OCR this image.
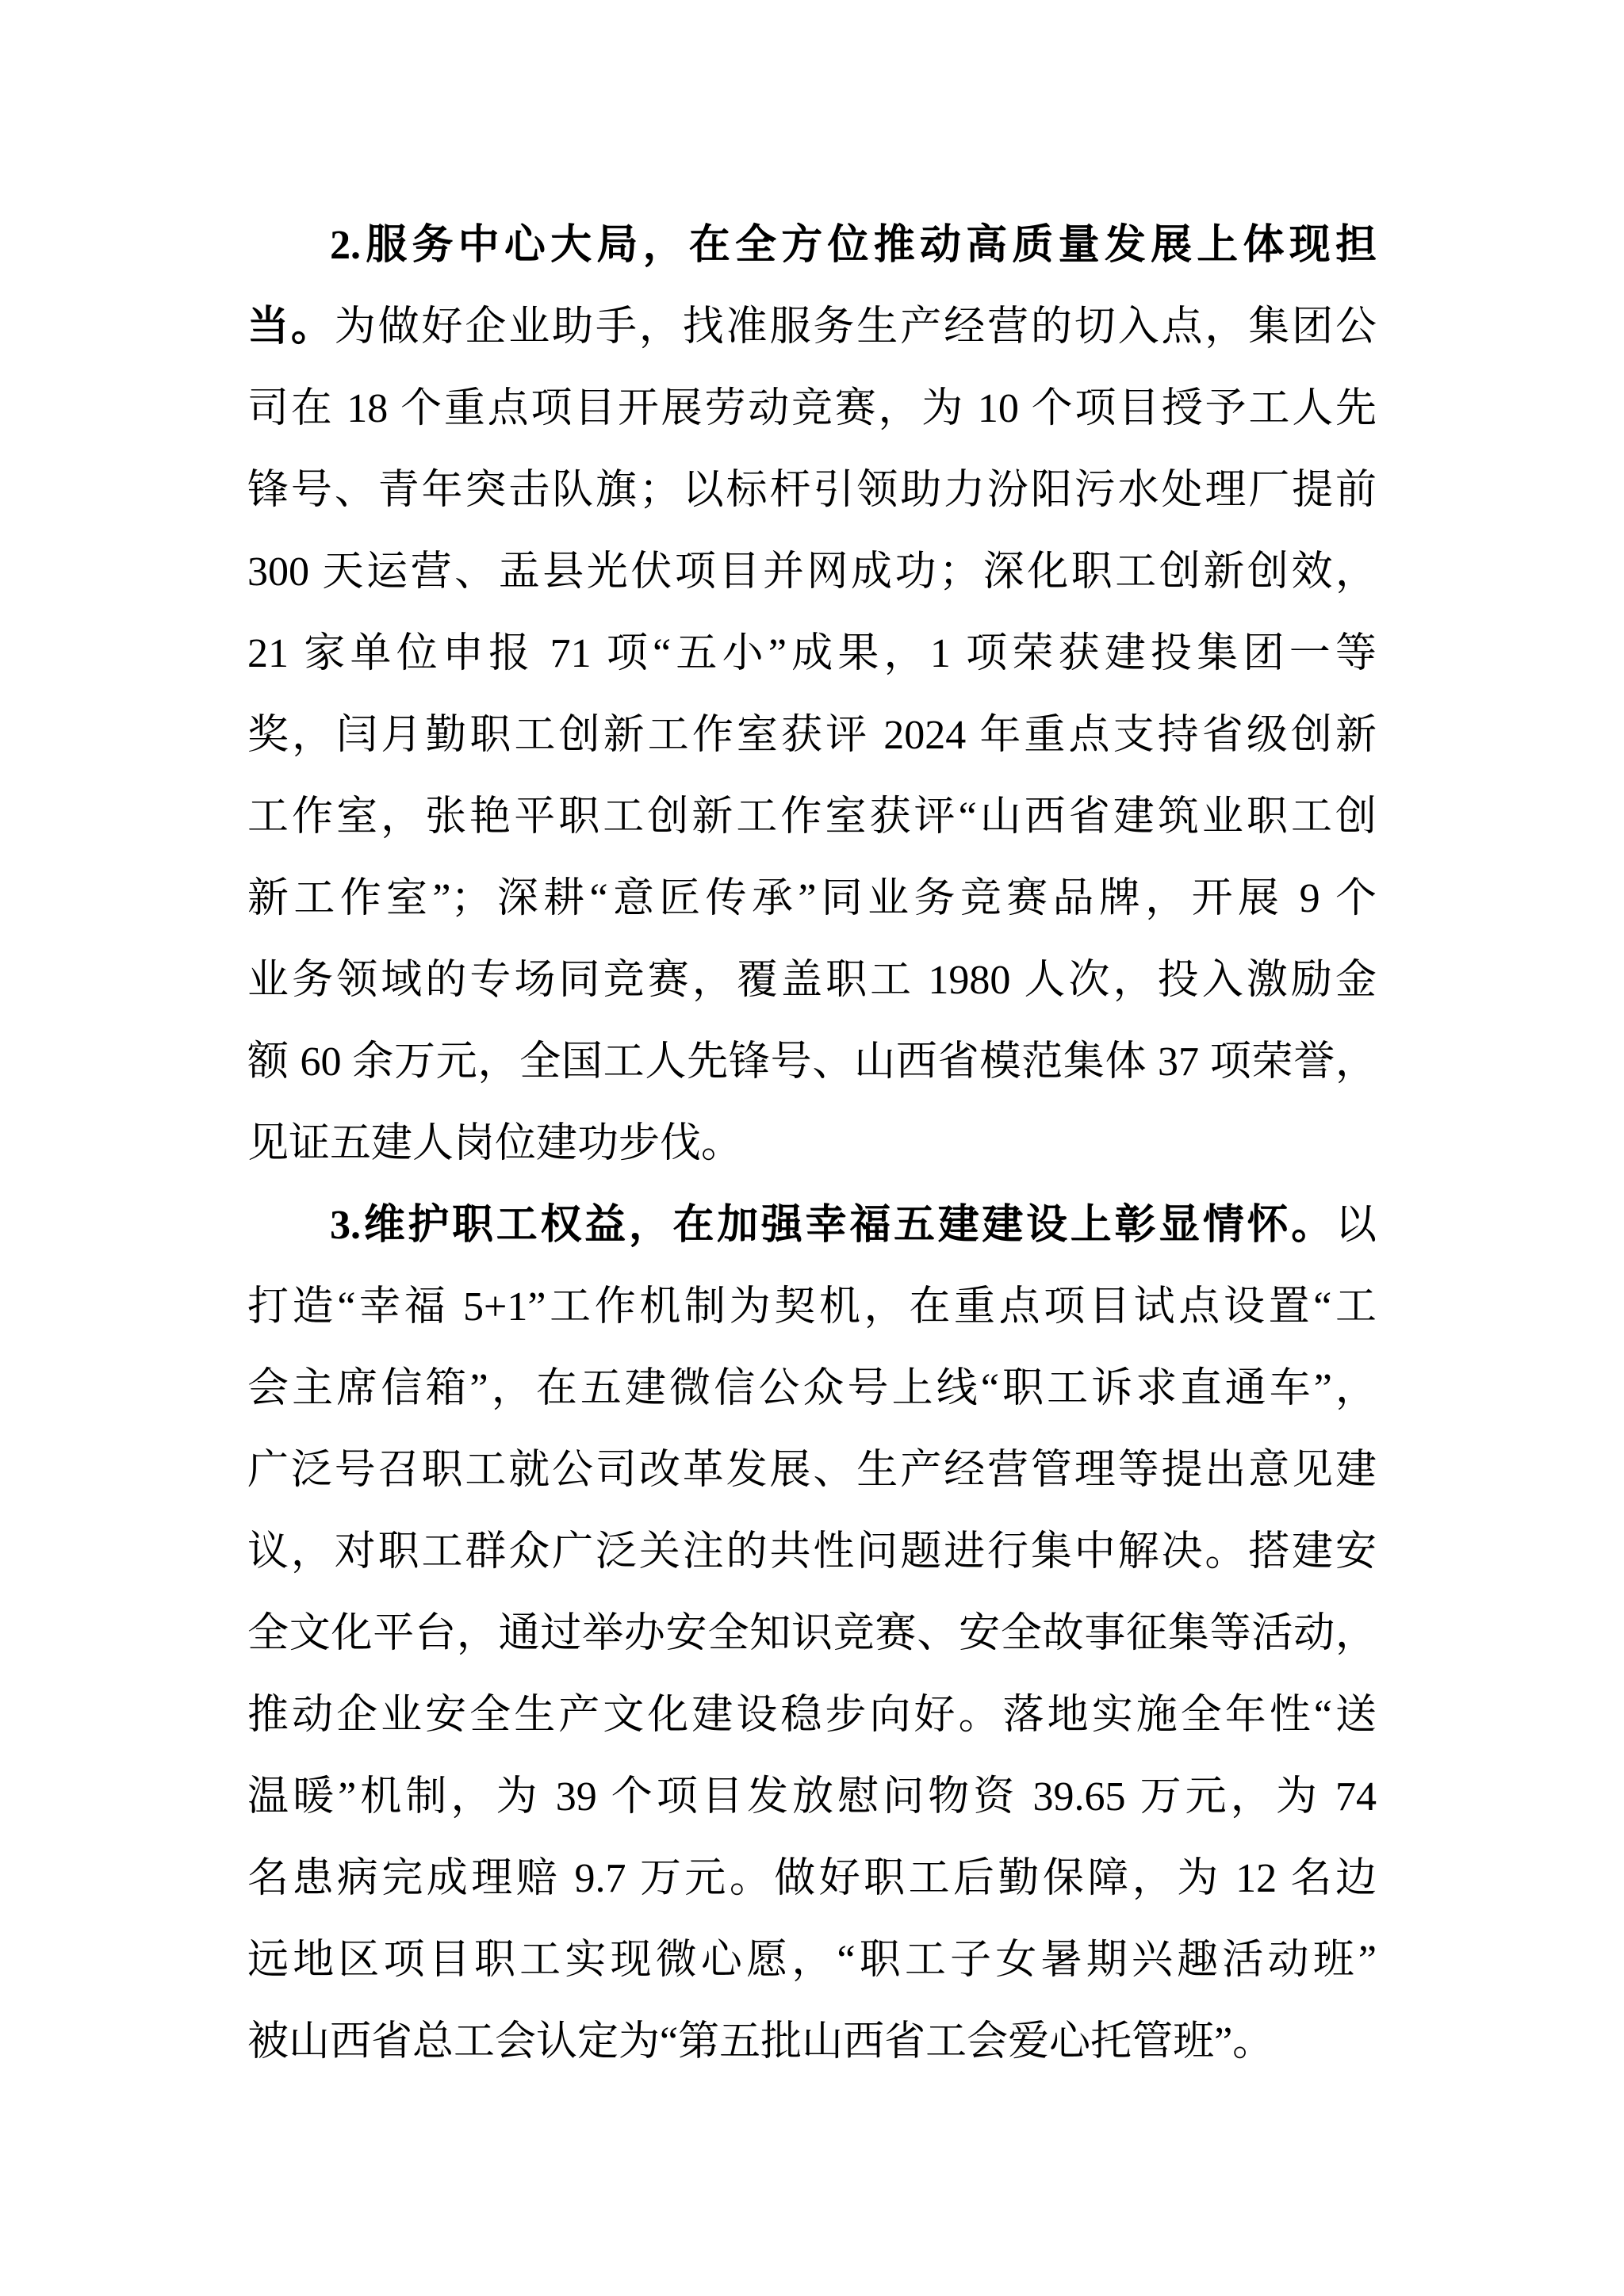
2.服务中心大局，在全方位推动高质量发展上体现担
当。为做好企业助手，找准服务生产经营的切入点，集团公
司在 18 个重点项目开展劳动竞赛，为 10 个项目授予工人先
锋号、青年突击队旗；以标杆引领助力汾阳污水处理厂提前
300 天运营、盂县光伏项目并网成功；深化职工创新创效，
21 家单位申报 71 项“五小”成果，1 项荣获建投集团一等
奖，闫月勤职工创新工作室获评 2024 年重点支持省级创新
工作室，张艳平职工创新工作室获评“山西省建筑业职工创
新工作室”；深耕“意匠传承”同业务竞赛品牌，开展 9 个
业务领域的专场同竞赛，覆盖职工 1980 人次，投入激励金
额 60 余万元，全国工人先锋号、山西省模范集体 37 项荣誉，
见证五建人岗位建功步伐。
3.维护职工权益，在加强幸福五建建设上彰显情怀。以
打造“幸福 5+1”工作机制为契机，在重点项目试点设置“工
会主席信箱”，在五建微信公众号上线“职工诉求直通车”，
广泛号召职工就公司改革发展、生产经营管理等提出意见建
议，对职工群众广泛关注的共性问题进行集中解决。搭建安
全文化平台，通过举办安全知识竞赛、安全故事征集等活动，
推动企业安全生产文化建设稳步向好。落地实施全年性“送
温暖”机制，为 39 个项目发放慰问物资 39.65 万元，为 74
名患病完成理赔 9.7 万元。做好职工后勤保障，为 12 名边
远地区项目职工实现微心愿，“职工子女暑期兴趣活动班”
被山西省总工会认定为“第五批山西省工会爱心托管班”。
